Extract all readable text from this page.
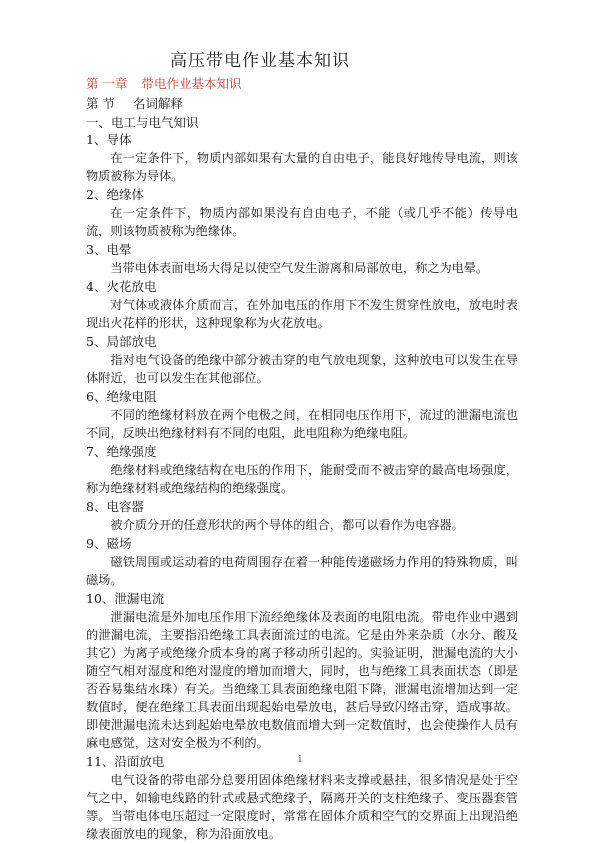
高压带电作业基本知识
第 一章 带电作业基本知识
第 节 名词解释
一、电工与电气知识

1、导体

在一定条件下，物质内部如果有大量的自由电子，能良好地传导电流，则该物质被称为导体。

2、绝缘体

在一定条件下，物质内部如果没有自由电子，不能（或几乎不能）传导电流，则该物质被称为绝缘体。

3、电晕

当带电体表面电场大得足以使空气发生游离和局部放电，称之为电晕。

4、火花放电

对气体或液体介质而言，在外加电压的作用下不发生贯穿性放电，放电时表现出火花样的形状，这种现象称为火花放电。

5、局部放电

指对电气设备的绝缘中部分被击穿的电气放电现象，这种放电可以发生在导体附近，也可以发生在其他部位。

6、绝缘电阻

不同的绝缘材料放在两个电极之间，在相同电压作用下，流过的泄漏电流也不同，反映出绝缘材料有不同的电阻，此电阻称为绝缘电阻。

7、绝缘强度

绝缘材料或绝缘结构在电压的作用下，能耐受而不被击穿的最高电场强度，称为绝缘材料或绝缘结构的绝缘强度。

8、电容器

被介质分开的任意形状的两个导体的组合，都可以看作为电容器。

9、磁场

磁铁周围或运动着的电荷周围存在着一种能传递磁场力作用的特殊物质，叫磁场。

10、泄漏电流

泄漏电流是外加电压作用下流经绝缘体及表面的电阻电流。带电作业中遇到的泄漏电流，主要指沿绝缘工具表面流过的电流。它是由外来杂质（水分、酸及其它）为离子或绝缘介质本身的离子移动所引起的。实验证明，泄漏电流的大小随空气相对湿度和绝对湿度的增加而增大，同时，也与绝缘工具表面状态（即是否吞易集结水珠）有关。当绝缘工具表面绝缘电阻下降，泄漏电流增加达到一定数值时，便在绝缘工具表面出现起始电晕放电，甚后导致闪络击穿，造成事故。即使泄漏电流未达到起始电晕放电数值而增大到一定数值时，也会使操作人员有麻电感觉，这对安全极为不利的。

11、沿面放电

电气设备的带电部分总要用固体绝缘材料来支撑或悬挂，很多情况是处于空气之中，如输电线路的针式或悬式绝缘子，隔离开关的支柱绝缘子、变压器套管等。当带电体电压超过一定限度时，常常在固体介质和空气的交界面上出现沿绝缘表面放电的现象，称为沿面放电。

1
